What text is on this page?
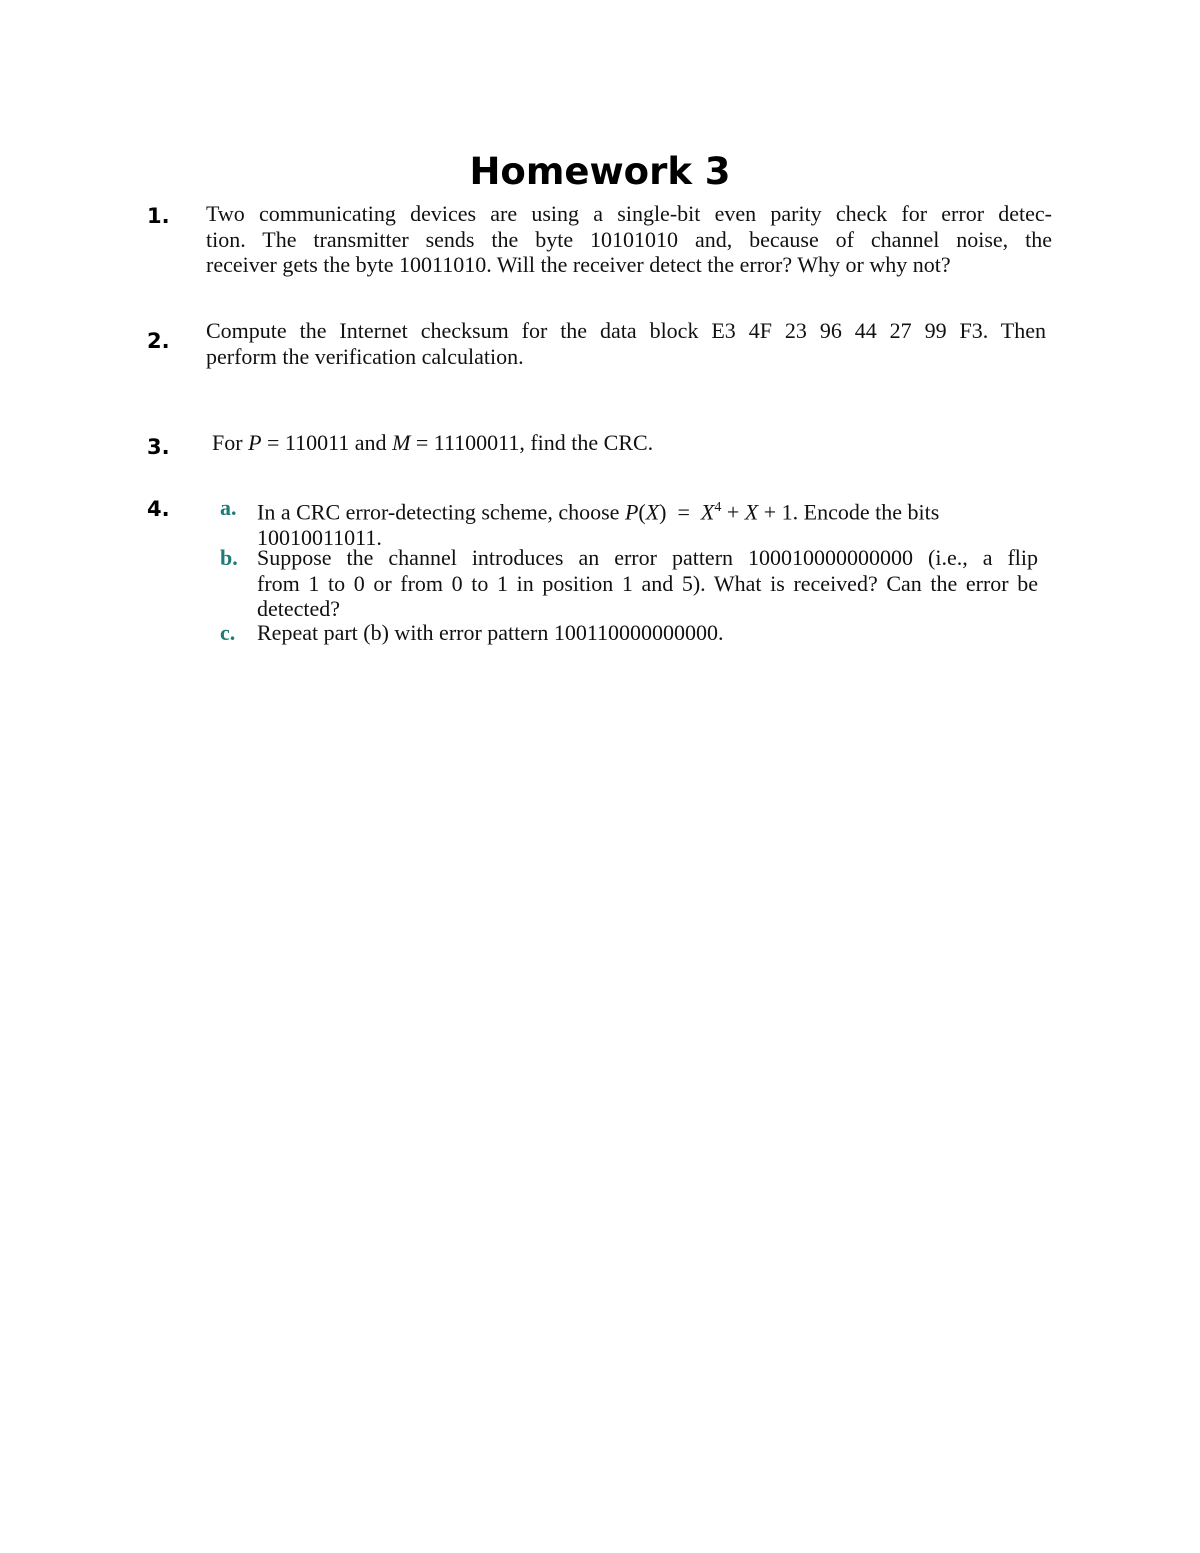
Homework 3
1. Two communicating devices are using a single-bit even parity check for error detec-
tion. The transmitter sends the byte 10101010 and, because of channel noise, the
receiver gets the byte 10011010. Will the receiver detect the error? Why or why not?
2. Compute the Internet checksum for the data block E3 4F 23 96 44 27 99 F3. Then
perform the verification calculation.
3. For P = 110011 and M = 11100011, find the CRC.
4. a. In a CRC error-detecting scheme, choose $P(X) = X^4 + X + 1$. Encode the bits
10010011011.
b. Suppose the channel introduces an error pattern 100010000000000 (i.e., a flip
from 1 to 0 or from 0 to 1 in position 1 and 5). What is received? Can the error be
detected?
c. Repeat part (b) with error pattern 100110000000000.
